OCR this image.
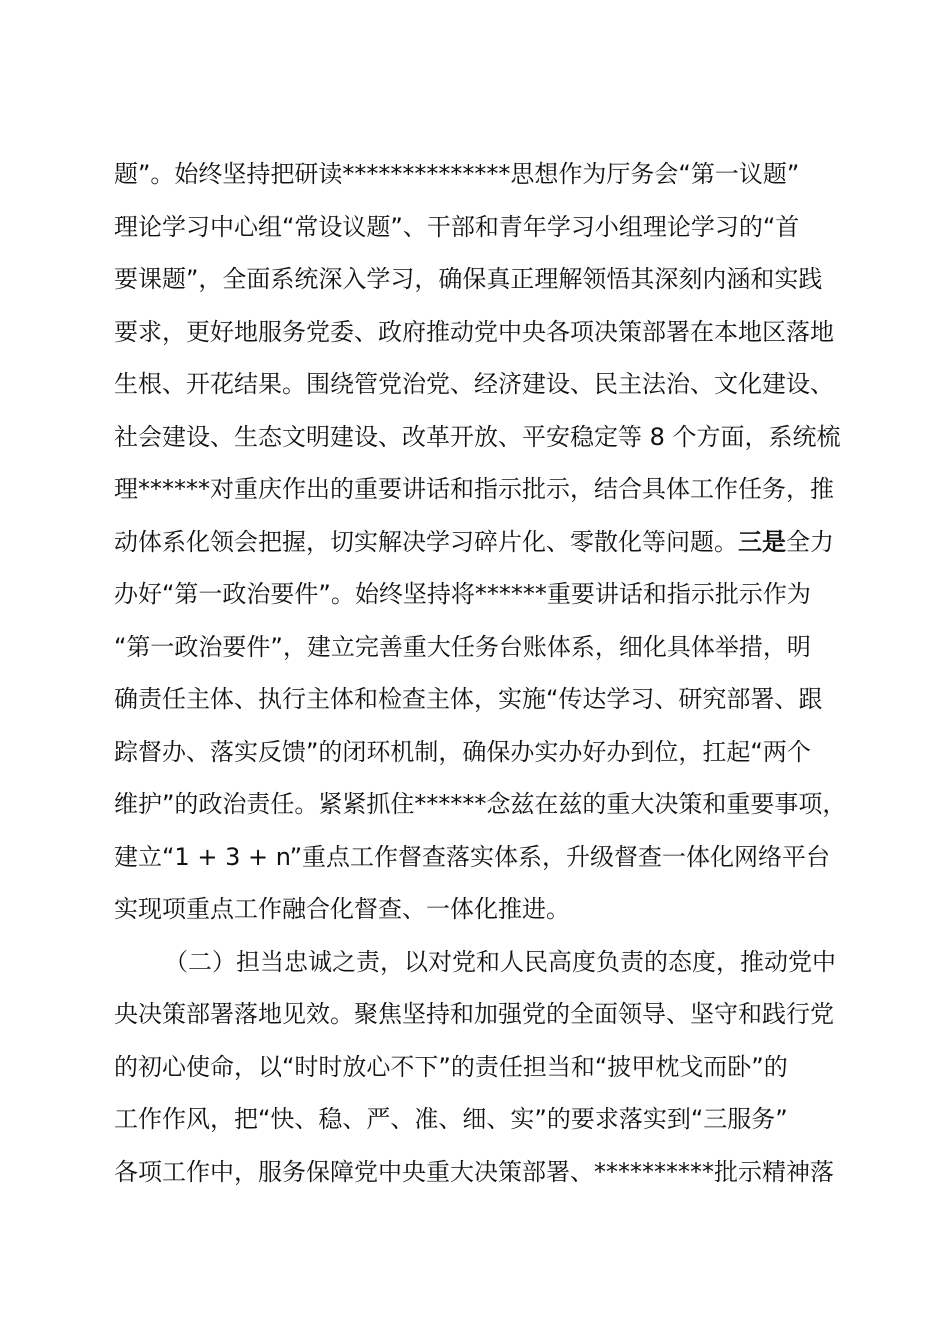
题”。始终坚持把研读**************思想作为厅务会“第一议题”
理论学习中心组“常设议题”、干部和青年学习小组理论学习的“首
要课题”，全面系统深入学习，确保真正理解领悟其深刻内涵和实践
要求，更好地服务党委、政府推动党中央各项决策部署在本地区落地
生根、开花结果。围绕管党治党、经济建设、民主法治、文化建设、
社会建设、生态文明建设、改革开放、平安稳定等 8 个方面，系统梳
理******对重庆作出的重要讲话和指示批示，结合具体工作任务，推
动体系化领会把握，切实解决学习碎片化、零散化等问题。三是全力
办好“第一政治要件”。始终坚持将******重要讲话和指示批示作为
“第一政治要件”，建立完善重大任务台账体系，细化具体举措，明
确责任主体、执行主体和检查主体，实施“传达学习、研究部署、跟
踪督办、落实反馈”的闭环机制，确保办实办好办到位，扛起“两个
维护”的政治责任。紧紧抓住******念兹在兹的重大决策和重要事项，
建立“1 + 3 + n”重点工作督查落实体系，升级督查一体化网络平台
实现项重点工作融合化督查、一体化推进。
（二）担当忠诚之责，以对党和人民高度负责的态度，推动党中
央决策部署落地见效。聚焦坚持和加强党的全面领导、坚守和践行党
的初心使命，以“时时放心不下”的责任担当和“披甲枕戈而卧”的
工作作风，把“快、稳、严、准、细、实”的要求落实到“三服务”
各项工作中，服务保障党中央重大决策部署、**********批示精神落
